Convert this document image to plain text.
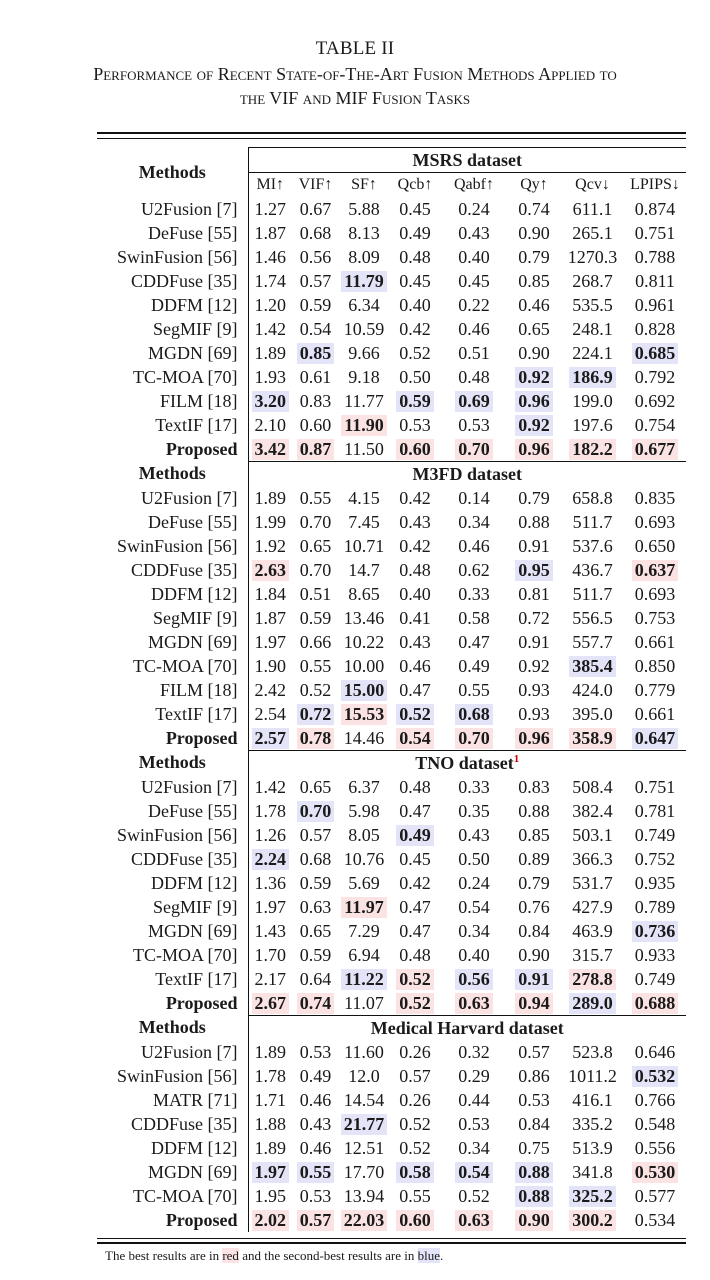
TABLE II
Performance of Recent State-of-The-Art Fusion Methods Applied to
the VIF and MIF Fusion Tasks
Methods	MSRS dataset							
	MI↑	VIF↑	SF↑	Qcb↑	Qabf↑	Qy↑	Qcv↓	LPIPS↓
U2Fusion [7]	1.27	0.67	5.88	0.45	0.24	0.74	611.1	0.874
DeFuse [55]	1.87	0.68	8.13	0.49	0.43	0.90	265.1	0.751
SwinFusion [56]	1.46	0.56	8.09	0.48	0.40	0.79	1270.3	0.788
CDDFuse [35]	1.74	0.57	11.79	0.45	0.45	0.85	268.7	0.811
DDFM [12]	1.20	0.59	6.34	0.40	0.22	0.46	535.5	0.961
SegMIF [9]	1.42	0.54	10.59	0.42	0.46	0.65	248.1	0.828
MGDN [69]	1.89	0.85	9.66	0.52	0.51	0.90	224.1	0.685
TC-MOA [70]	1.93	0.61	9.18	0.50	0.48	0.92	186.9	0.792
FILM [18]	3.20	0.83	11.77	0.59	0.69	0.96	199.0	0.692
TextIF [17]	2.10	0.60	11.90	0.53	0.53	0.92	197.6	0.754
Proposed	3.42	0.87	11.50	0.60	0.70	0.96	182.2	0.677
Methods	M3FD dataset							
U2Fusion [7]	1.89	0.55	4.15	0.42	0.14	0.79	658.8	0.835
DeFuse [55]	1.99	0.70	7.45	0.43	0.34	0.88	511.7	0.693
SwinFusion [56]	1.92	0.65	10.71	0.42	0.46	0.91	537.6	0.650
CDDFuse [35]	2.63	0.70	14.7	0.48	0.62	0.95	436.7	0.637
DDFM [12]	1.84	0.51	8.65	0.40	0.33	0.81	511.7	0.693
SegMIF [9]	1.87	0.59	13.46	0.41	0.58	0.72	556.5	0.753
MGDN [69]	1.97	0.66	10.22	0.43	0.47	0.91	557.7	0.661
TC-MOA [70]	1.90	0.55	10.00	0.46	0.49	0.92	385.4	0.850
FILM [18]	2.42	0.52	15.00	0.47	0.55	0.93	424.0	0.779
TextIF [17]	2.54	0.72	15.53	0.52	0.68	0.93	395.0	0.661
Proposed	2.57	0.78	14.46	0.54	0.70	0.96	358.9	0.647
Methods	TNO dataset$^1$
U2Fusion [7]	1.42	0.65	6.37	0.48	0.33	0.83	508.4	0.751
DeFuse [55]	1.78	0.70	5.98	0.47	0.35	0.88	382.4	0.781
SwinFusion [56]	1.26	0.57	8.05	0.49	0.43	0.85	503.1	0.749
CDDFuse [35]	2.24	0.68	10.76	0.45	0.50	0.89	366.3	0.752
DDFM [12]	1.36	0.59	5.69	0.42	0.24	0.79	531.7	0.935
SegMIF [9]	1.97	0.63	11.97	0.47	0.54	0.76	427.9	0.789
MGDN [69]	1.43	0.65	7.29	0.47	0.34	0.84	463.9	0.736
TC-MOA [70]	1.70	0.59	6.94	0.48	0.40	0.90	315.7	0.933
TextIF [17]	2.17	0.64	11.22	0.52	0.56	0.91	278.8	0.749
Proposed	2.67	0.74	11.07	0.52	0.63	0.94	289.0	0.688
Methods	Medical Harvard dataset							
U2Fusion [7]	1.89	0.53	11.60	0.26	0.32	0.57	523.8	0.646
SwinFusion [56]	1.78	0.49	12.0	0.57	0.29	0.86	1011.2	0.532
MATR [71]	1.71	0.46	14.54	0.26	0.44	0.53	416.1	0.766
CDDFuse [35]	1.88	0.43	21.77	0.52	0.53	0.84	335.2	0.548
DDFM [12]	1.89	0.46	12.51	0.52	0.34	0.75	513.9	0.556
MGDN [69]	1.97	0.55	17.70	0.58	0.54	0.88	341.8	0.530
TC-MOA [70]	1.95	0.53	13.94	0.55	0.52	0.88	325.2	0.577
Proposed	2.02	0.57	22.03	0.60	0.63	0.90	300.2	0.534
The best results are in red and the second-best results are in blue.
